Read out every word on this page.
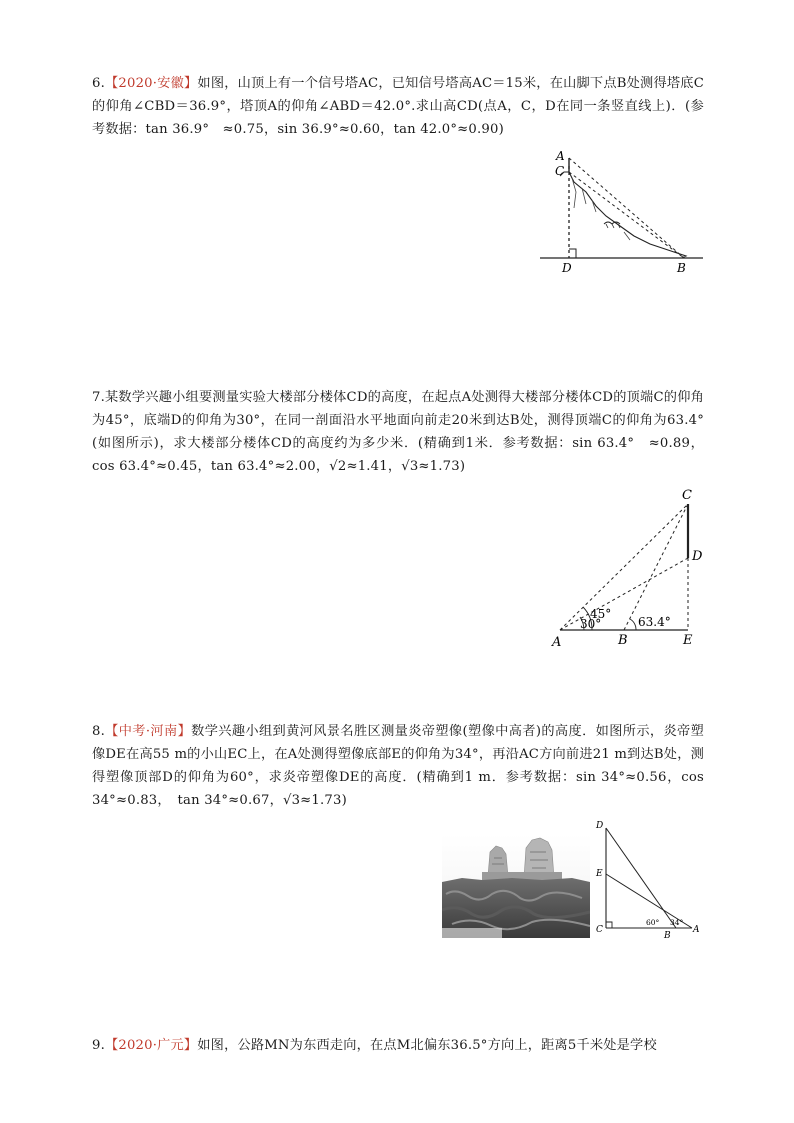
6.【2020·安徽】如图，山顶上有一个信号塔AC，已知信号塔高AC＝15米，在山脚下点B处测得塔底C的仰角∠CBD＝36.9°，塔顶A的仰角∠ABD＝42.0°.求山高CD(点A，C，D在同一条竖直线上)．(参考数据：tan 36.9°　≈0.75，sin 36.9°≈0.60，tan 42.0°≈0.90)

A
C
D	B

7.某数学兴趣小组要测量实验大楼部分楼体CD的高度，在起点A处测得大楼部分楼体CD的顶端C的仰角为45°，底端D的仰角为30°，在同一剖面沿水平地面向前走20米到达B处，测得顶端C的仰角为63.4°(如图所示)，求大楼部分楼体CD的高度约为多少米．(精确到1米．参考数据：sin 63.4°　≈0.89，cos 63.4°≈0.45，tan 63.4°≈2.00，√2≈1.41，√3≈1.73)

30°
45°
63.4°
C
D
A	B	E

8.【中考·河南】数学兴趣小组到黄河风景名胜区测量炎帝塑像(塑像中高者)的高度．如图所示，炎帝塑像DE在高55 m的小山EC上，在A处测得塑像底部E的仰角为34°，再沿AC方向前进21 m到达B处，测得塑像顶部D的仰角为60°，求炎帝塑像DE的高度．(精确到1 m．参考数据：sin 34°≈0.56，cos 34°≈0.83，　tan 34°≈0.67，√3≈1.73)

60° 34°
D
E
C
B
A

9.【2020·广元】如图，公路MN为东西走向，在点M北偏东36.5°方向上，距离5千米处是学校
